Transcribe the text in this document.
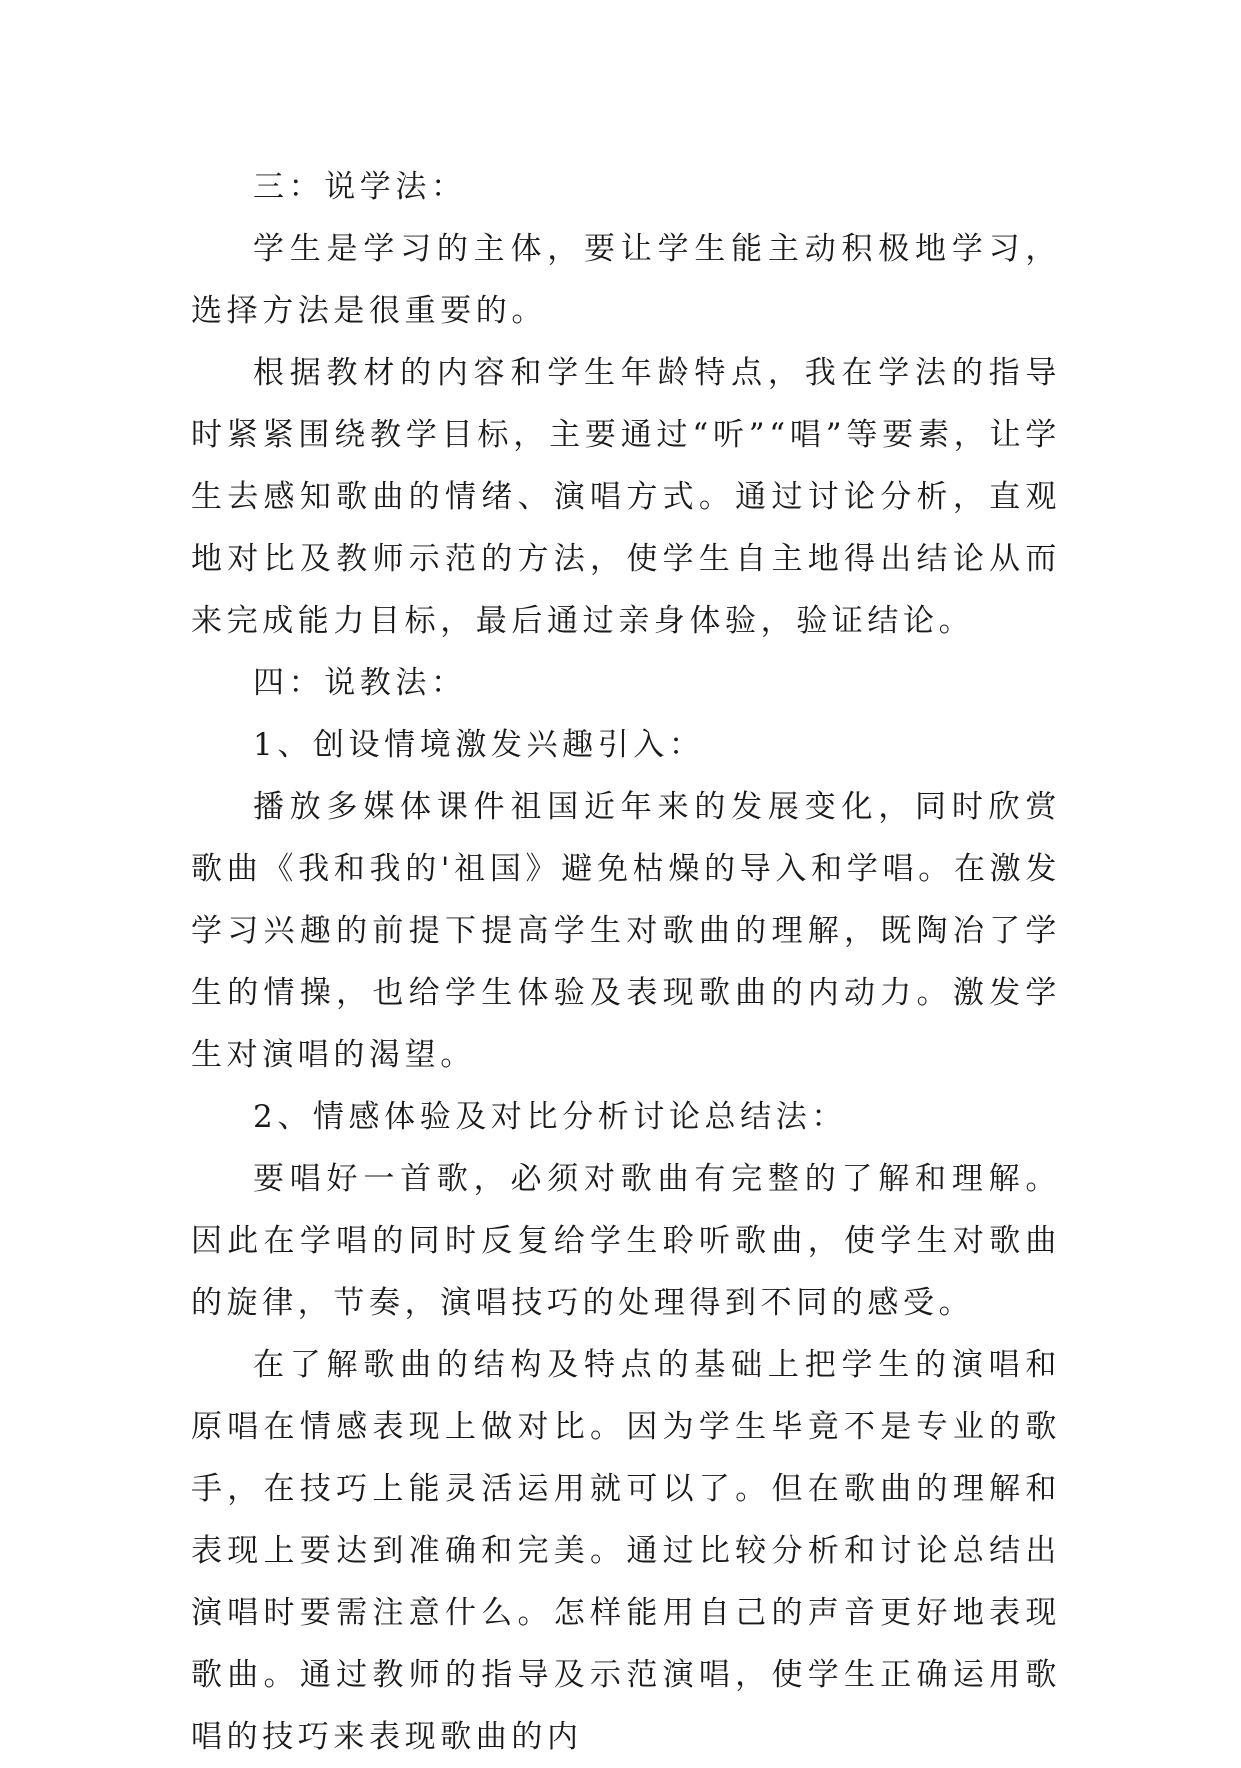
三：说学法：

学生是学习的主体，要让学生能主动积极地学习，选择方法是很重要的。

根据教材的内容和学生年龄特点，我在学法的指导时紧紧围绕教学目标，主要通过“听”“唱”等要素，让学生去感知歌曲的情绪、演唱方式。通过讨论分析，直观地对比及教师示范的方法，使学生自主地得出结论从而来完成能力目标，最后通过亲身体验，验证结论。

四：说教法：

1、创设情境激发兴趣引入：

播放多媒体课件祖国近年来的发展变化，同时欣赏歌曲《我和我的'祖国》避免枯燥的导入和学唱。在激发学习兴趣的前提下提高学生对歌曲的理解，既陶冶了学生的情操，也给学生体验及表现歌曲的内动力。激发学生对演唱的渴望。

2、情感体验及对比分析讨论总结法：

要唱好一首歌，必须对歌曲有完整的了解和理解。因此在学唱的同时反复给学生聆听歌曲，使学生对歌曲的旋律，节奏，演唱技巧的处理得到不同的感受。

在了解歌曲的结构及特点的基础上把学生的演唱和原唱在情感表现上做对比。因为学生毕竟不是专业的歌手，在技巧上能灵活运用就可以了。但在歌曲的理解和表现上要达到准确和完美。通过比较分析和讨论总结出演唱时要需注意什么。怎样能用自己的声音更好地表现歌曲。通过教师的指导及示范演唱，使学生正确运用歌唱的技巧来表现歌曲的内
